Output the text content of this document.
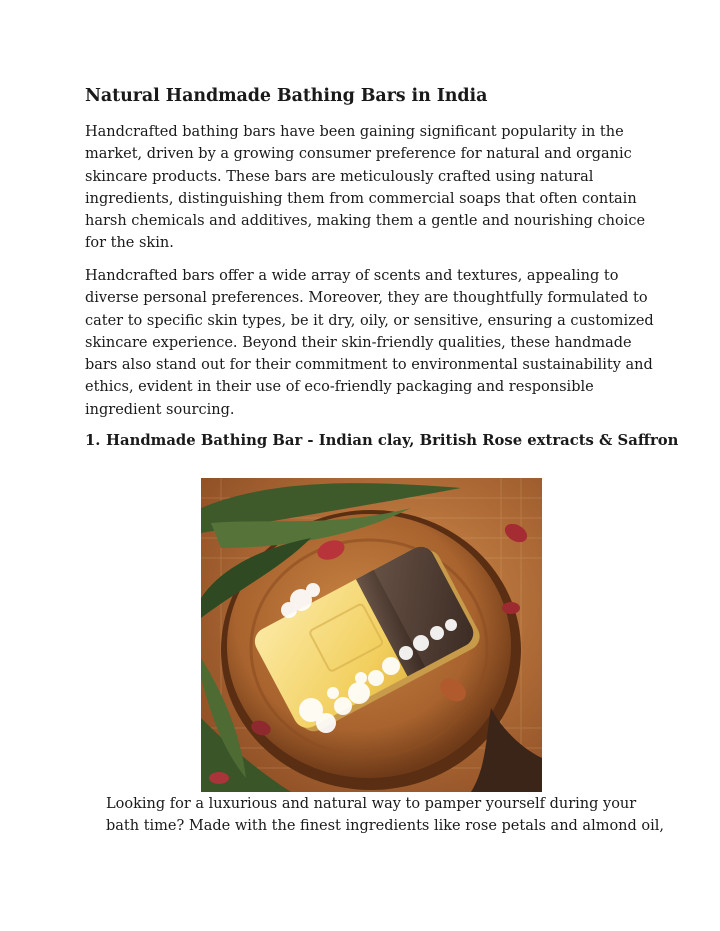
Natural Handmade Bathing Bars in India

Handcrafted bathing bars have been gaining significant popularity in the
market, driven by a growing consumer preference for natural and organic
skincare products. These bars are meticulously crafted using natural
ingredients, distinguishing them from commercial soaps that often contain
harsh chemicals and additives, making them a gentle and nourishing choice
for the skin.

Handcrafted bars offer a wide array of scents and textures, appealing to
diverse personal preferences. Moreover, they are thoughtfully formulated to
cater to specific skin types, be it dry, oily, or sensitive, ensuring a customized
skincare experience. Beyond their skin-friendly qualities, these handmade
bars also stand out for their commitment to environmental sustainability and
ethics, evident in their use of eco-friendly packaging and responsible
ingredient sourcing.

1. Handmade Bathing Bar - Indian clay, British Rose extracts & Saffron

Looking for a luxurious and natural way to pamper yourself during your
bath time? Made with the finest ingredients like rose petals and almond oil,
